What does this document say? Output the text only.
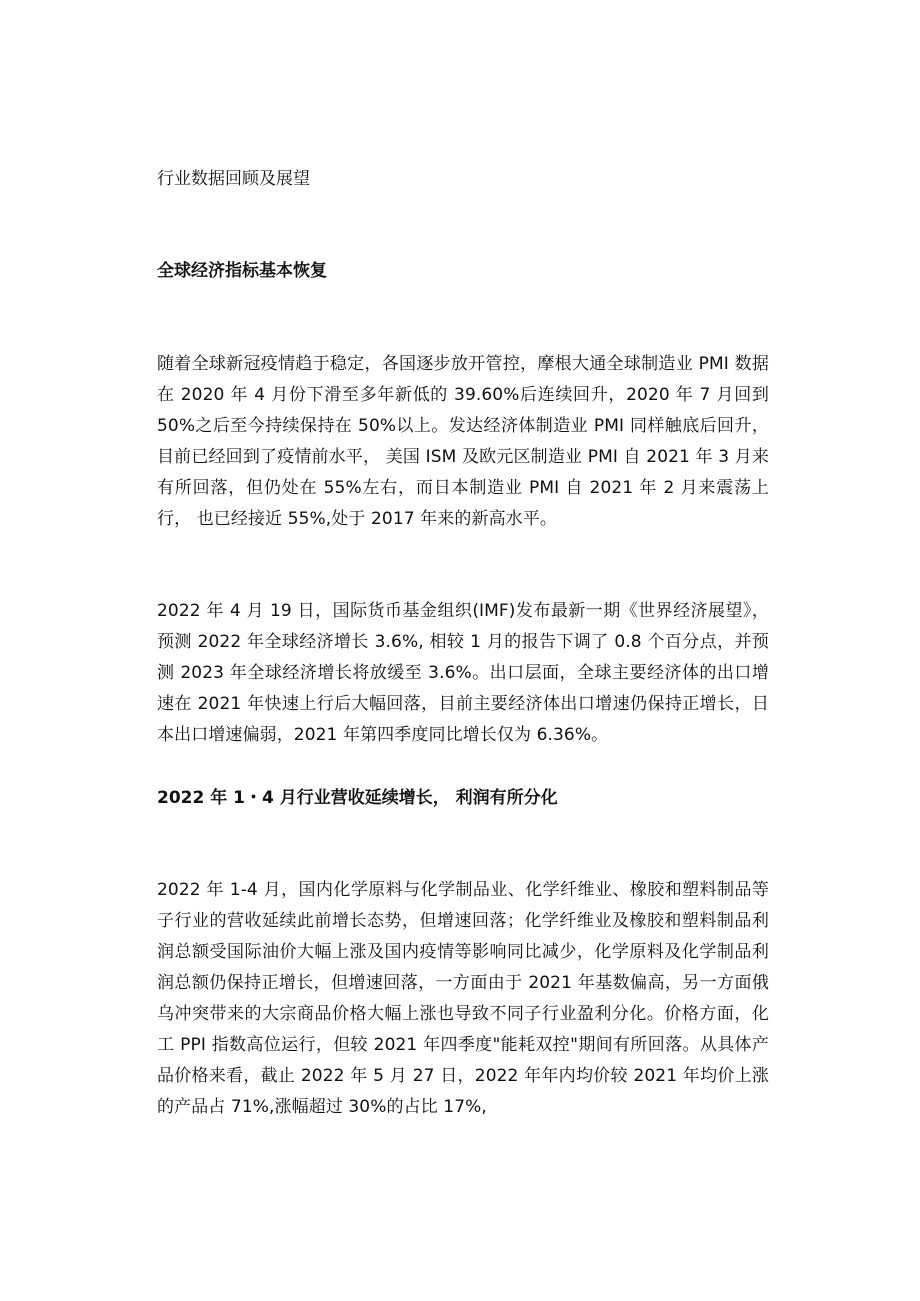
行业数据回顾及展望

全球经济指标基本恢复

随着全球新冠疫情趋于稳定，各国逐步放开管控，摩根大通全球制造业 PMI 数据在 2020 年 4 月份下滑至多年新低的 39.60%后连续回升，2020 年 7 月回到 50%之后至今持续保持在 50%以上。发达经济体制造业 PMI 同样触底后回升，目前已经回到了疫情前水平， 美国 ISM 及欧元区制造业 PMI 自 2021 年 3 月来有所回落，但仍处在 55%左右，而日本制造业 PMI 自 2021 年 2 月来震荡上行， 也已经接近 55%,处于 2017 年来的新高水平。

2022 年 4 月 19 日，国际货币基金组织(IMF)发布最新一期《世界经济展望》， 预测 2022 年全球经济增长 3.6%, 相较 1 月的报告下调了 0.8 个百分点，并预测 2023 年全球经济增长将放缓至 3.6%。出口层面，全球主要经济体的出口增速在 2021 年快速上行后大幅回落，目前主要经济体出口增速仍保持正增长，日本出口增速偏弱，2021 年第四季度同比增长仅为 6.36%。

2022 年 1・4 月行业营收延续增长， 利润有所分化

2022 年 1-4 月，国内化学原料与化学制品业、化学纤维业、橡胶和塑料制品等子行业的营收延续此前增长态势，但增速回落；化学纤维业及橡胶和塑料制品利润总额受国际油价大幅上涨及国内疫情等影响同比减少，化学原料及化学制品利润总额仍保持正增长，但增速回落，一方面由于 2021 年基数偏高，另一方面俄乌冲突带来的大宗商品价格大幅上涨也导致不同子行业盈利分化。价格方面，化工 PPI 指数高位运行，但较 2021 年四季度"能耗双控"期间有所回落。从具体产品价格来看，截止 2022 年 5 月 27 日，2022 年年内均价较 2021 年均价上涨的产品占 71%,涨幅超过 30%的占比 17%,
